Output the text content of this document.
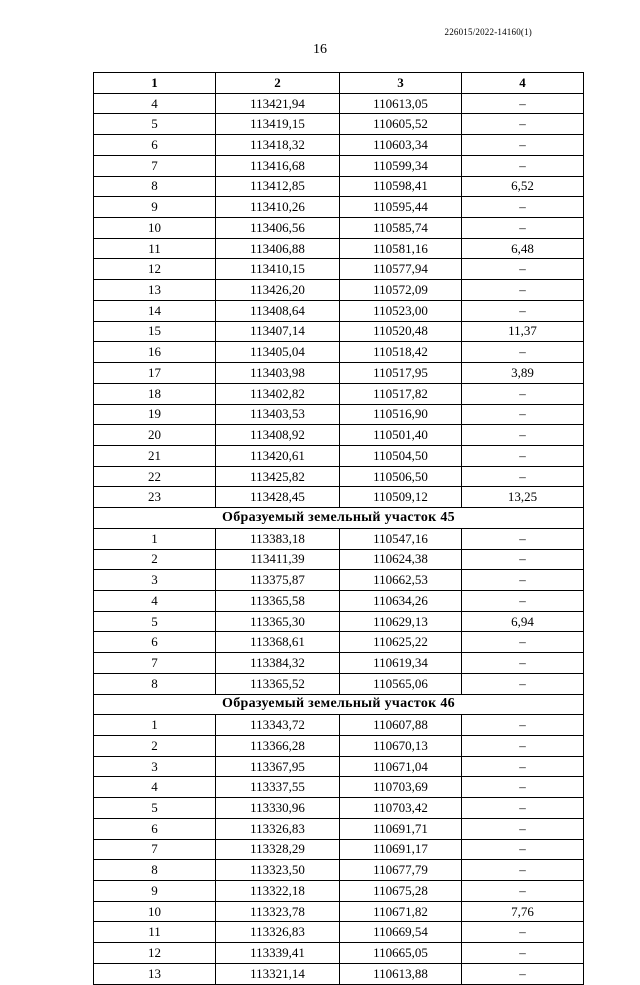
226015/2022-14160(1)
16
1	2	3	4
4	113421,94	110613,05	–
5	113419,15	110605,52	–
6	113418,32	110603,34	–
7	113416,68	110599,34	–
8	113412,85	110598,41	6,52
9	113410,26	110595,44	–
10	113406,56	110585,74	–
11	113406,88	110581,16	6,48
12	113410,15	110577,94	–
13	113426,20	110572,09	–
14	113408,64	110523,00	–
15	113407,14	110520,48	11,37
16	113405,04	110518,42	–
17	113403,98	110517,95	3,89
18	113402,82	110517,82	–
19	113403,53	110516,90	–
20	113408,92	110501,40	–
21	113420,61	110504,50	–
22	113425,82	110506,50	–
23	113428,45	110509,12	13,25
Образуемый земельный участок 45			
1	113383,18	110547,16	–
2	113411,39	110624,38	–
3	113375,87	110662,53	–
4	113365,58	110634,26	–
5	113365,30	110629,13	6,94
6	113368,61	110625,22	–
7	113384,32	110619,34	–
8	113365,52	110565,06	–
Образуемый земельный участок 46			
1	113343,72	110607,88	–
2	113366,28	110670,13	–
3	113367,95	110671,04	–
4	113337,55	110703,69	–
5	113330,96	110703,42	–
6	113326,83	110691,71	–
7	113328,29	110691,17	–
8	113323,50	110677,79	–
9	113322,18	110675,28	–
10	113323,78	110671,82	7,76
11	113326,83	110669,54	–
12	113339,41	110665,05	–
13	113321,14	110613,88	–
